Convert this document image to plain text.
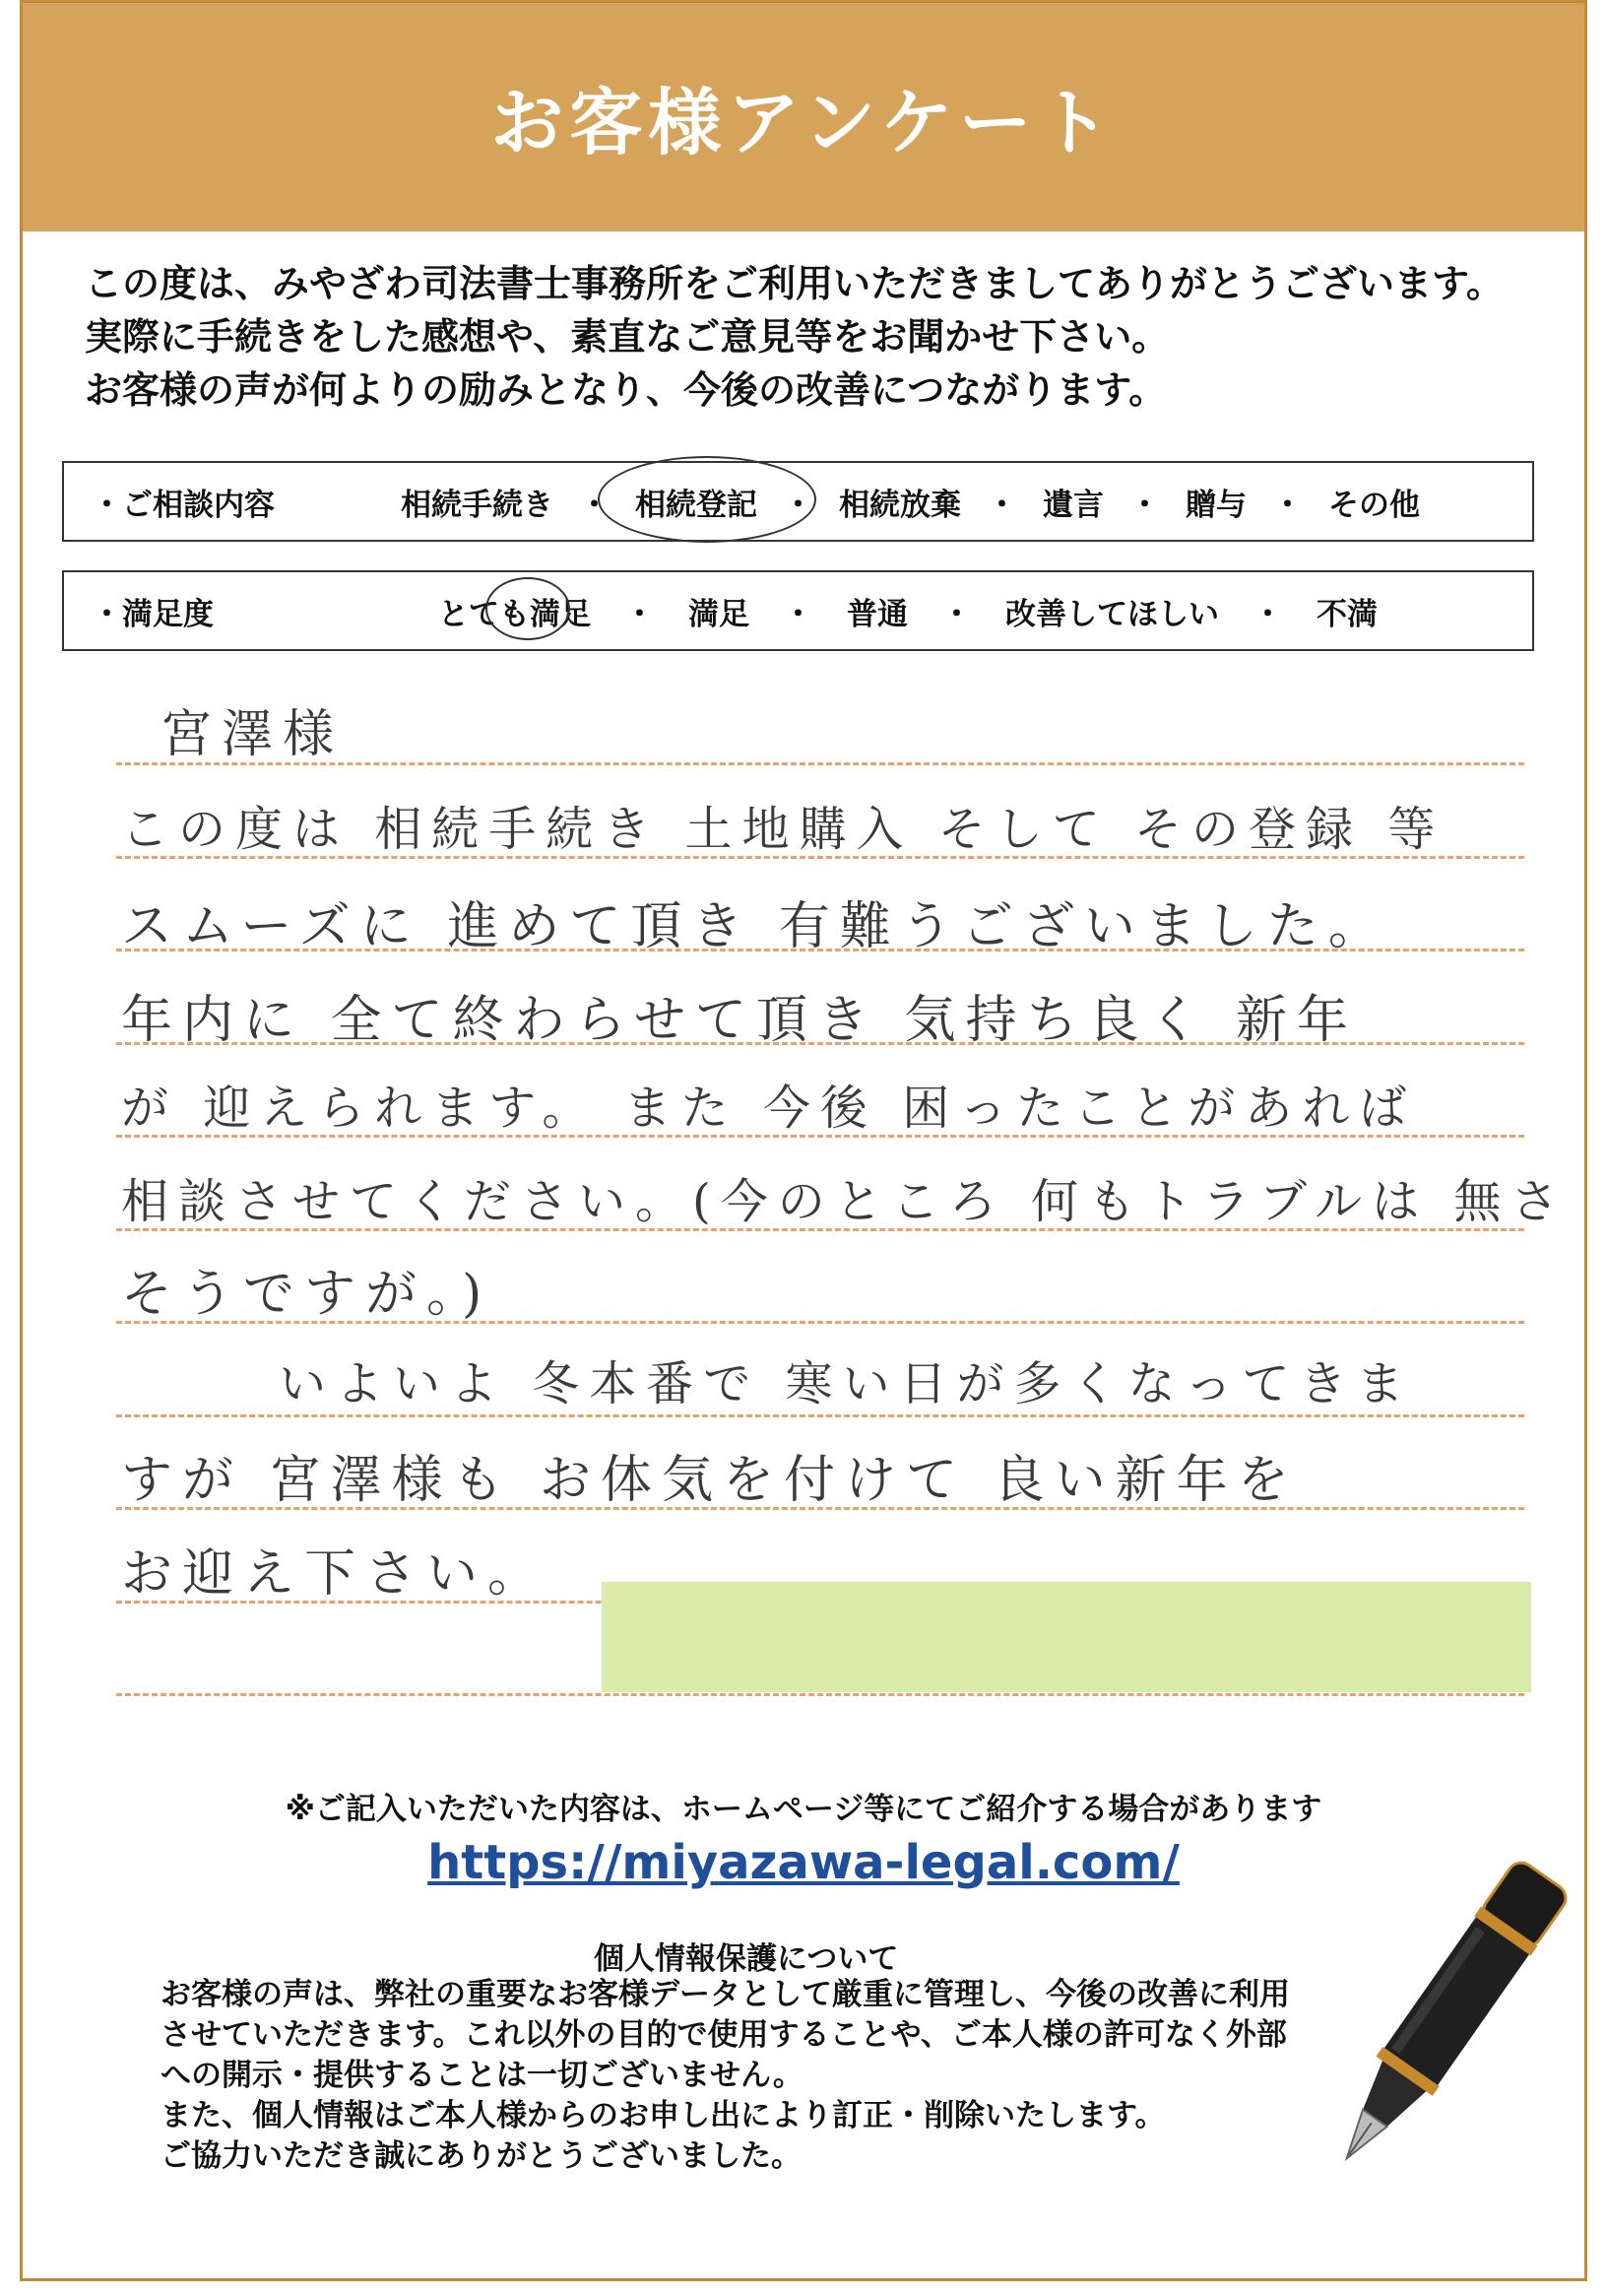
お客様アンケート
この度は、みやざわ司法書士事務所をご利用いただきましてありがとうございます。
実際に手続きをした感想や、素直なご意見等をお聞かせ下さい。
お客様の声が何よりの励みとなり、今後の改善につながります。
・ご相談内容	相続手続き ・ 相続登記 ・ 相続放棄 ・ 遺言 ・ 贈与 ・ その他
・満足度	とても満足 ・ 満足 ・ 普通 ・ 改善してほしい ・ 不満
宮澤様
この度は 相続手続き 土地購入 そして その登録 等
スムーズに 進めて頂き 有難うございました。
年内に 全て終わらせて頂き 気持ち良く 新年
が 迎えられます。 また 今後 困ったことがあれば
相談させてください。(今のところ 何もトラブルは 無さ
そうですが。)
いよいよ 冬本番で 寒い日が多くなってきま
すが 宮澤様も お体気を付けて 良い新年を
お迎え下さい。
※ご記入いただいた内容は、ホームページ等にてご紹介する場合があります
https://miyazawa-legal.com/
個人情報保護について
お客様の声は、弊社の重要なお客様データとして厳重に管理し、今後の改善に利用
させていただきます。これ以外の目的で使用することや、ご本人様の許可なく外部
への開示・提供することは一切ございません。
また、個人情報はご本人様からのお申し出により訂正・削除いたします。
ご協力いただき誠にありがとうございました。
